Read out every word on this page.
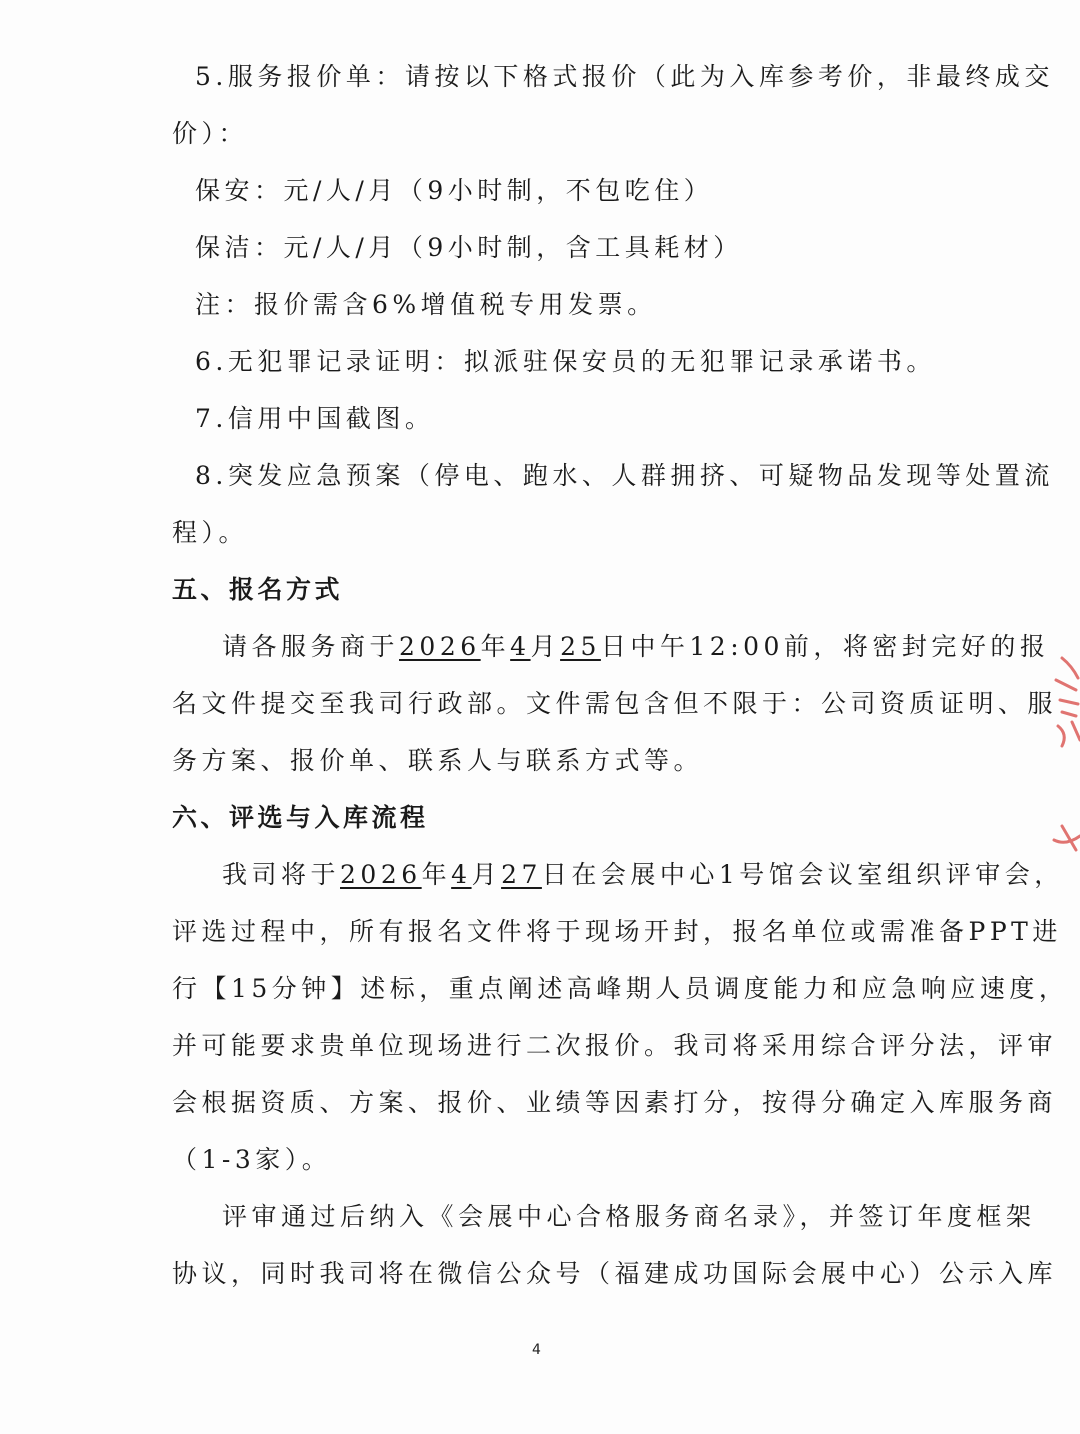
5.服务报价单：请按以下格式报价（此为入库参考价，非最终成交
价）：
保安：元/人/月（9小时制，不包吃住）
保洁：元/人/月（9小时制，含工具耗材）
注：报价需含6%增值税专用发票。
6.无犯罪记录证明：拟派驻保安员的无犯罪记录承诺书。
7.信用中国截图。
8.突发应急预案（停电、跑水、人群拥挤、可疑物品发现等处置流
程）。
五、报名方式
请各服务商于2026年4月25日中午12:00前，将密封完好的报
名文件提交至我司行政部。文件需包含但不限于：公司资质证明、服
务方案、报价单、联系人与联系方式等。
六、评选与入库流程
我司将于2026年4月27日在会展中心1号馆会议室组织评审会，
评选过程中，所有报名文件将于现场开封，报名单位或需准备PPT进
行【15分钟】述标，重点阐述高峰期人员调度能力和应急响应速度，
并可能要求贵单位现场进行二次报价。我司将采用综合评分法，评审
会根据资质、方案、报价、业绩等因素打分，按得分确定入库服务商
（1-3家）。
评审通过后纳入《会展中心合格服务商名录》，并签订年度框架
协议，同时我司将在微信公众号（福建成功国际会展中心）公示入库
4
